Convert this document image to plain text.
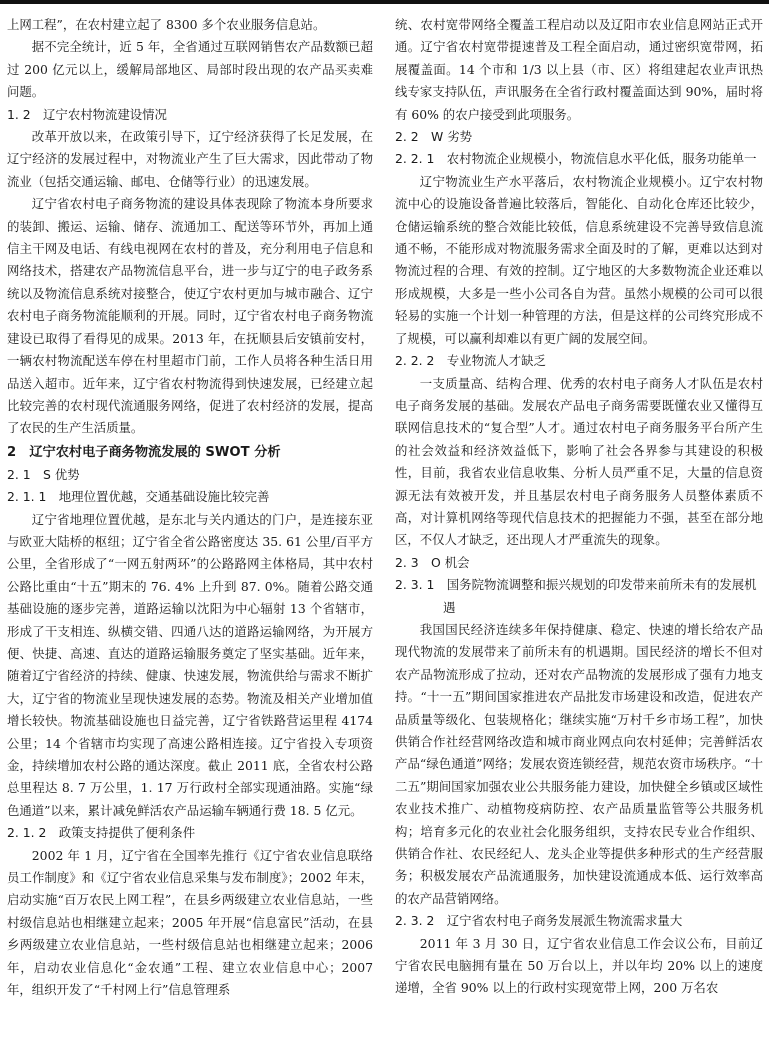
上网工程”，在农村建立起了 8300 多个农业服务信息站。

据不完全统计，近 5 年，全省通过互联网销售农产品数额已超过 200 亿元以上，缓解局部地区、局部时段出现的农产品买卖难问题。

1. 2　辽宁农村物流建设情况

改革开放以来，在政策引导下，辽宁经济获得了长足发展，在辽宁经济的发展过程中，对物流业产生了巨大需求，因此带动了物流业（包括交通运输、邮电、仓储等行业）的迅速发展。

辽宁省农村电子商务物流的建设具体表现除了物流本身所要求的装卸、搬运、运输、储存、流通加工、配送等环节外，再加上通信主干网及电话、有线电视网在农村的普及，充分利用电子信息和网络技术，搭建农产品物流信息平台，进一步与辽宁的电子政务系统以及物流信息系统对接整合，使辽宁农村更加与城市融合、辽宁农村电子商务物流能顺利的开展。同时，辽宁省农村电子商务物流建设已取得了看得见的成果。2013 年，在抚顺县后安镇前安村，一辆农村物流配送车停在村里超市门前，工作人员将各种生活日用品送入超市。近年来，辽宁省农村物流得到快速发展，已经建立起比较完善的农村现代流通服务网络，促进了农村经济的发展，提高了农民的生产生活质量。

2　辽宁农村电子商务物流发展的 SWOT 分析
2. 1　S 优势
2. 1. 1　地理位置优越，交通基础设施比较完善

辽宁省地理位置优越，是东北与关内通达的门户，是连接东亚与欧亚大陆桥的枢纽；辽宁省全省公路密度达 35. 61 公里/百平方公里，全省形成了“一网五射两环”的公路路网主体格局，其中农村公路比重由“十五”期末的 76. 4% 上升到 87. 0%。随着公路交通基础设施的逐步完善，道路运输以沈阳为中心辐射 13 个省辖市，形成了干支相连、纵横交错、四通八达的道路运输网络，为开展方便、快捷、高速、直达的道路运输服务奠定了坚实基础。近年来，随着辽宁省经济的持续、健康、快速发展，物流供给与需求不断扩大，辽宁省的物流业呈现快速发展的态势。物流及相关产业增加值增长较快。物流基础设施也日益完善，辽宁省铁路营运里程 4174 公里；14 个省辖市均实现了高速公路相连接。辽宁省投入专项资金，持续增加农村公路的通达深度。截止 2011 底，全省农村公路总里程达 8. 7 万公里，1. 17 万行政村全部实现通油路。实施“绿色通道”以来，累计减免鲜活农产品运输车辆通行费 18. 5 亿元。

2. 1. 2　政策支持提供了便利条件

2002 年 1 月，辽宁省在全国率先推行《辽宁省农业信息联络员工作制度》和《辽宁省农业信息采集与发布制度》；2002 年末，启动实施“百万农民上网工程”，在县乡两级建立农业信息站，一些村级信息站也相继建立起来；2005 年开展“信息富民”活动，在县乡两级建立农业信息站，一些村级信息站也相继建立起来；2006 年，启动农业信息化“金农通”工程、建立农业信息中心；2007 年，组织开发了“千村网上行”信息管理系

统、农村宽带网络全覆盖工程启动以及辽阳市农业信息网站正式开通。辽宁省农村宽带提速普及工程全面启动，通过密织宽带网，拓展覆盖面。14 个市和 1/3 以上县（市、区）将组建起农业声讯热线专家支持队伍，声讯服务在全省行政村覆盖面达到 90%，届时将有 60% 的农户接受到此项服务。

2. 2　W 劣势
2. 2. 1　农村物流企业规模小，物流信息水平化低，服务功能单一

辽宁物流业生产水平落后，农村物流企业规模小。辽宁农村物流中心的设施设备普遍比较落后，智能化、自动化仓库还比较少，仓储运输系统的整合效能比较低，信息系统建设不完善导致信息流通不畅，不能形成对物流服务需求全面及时的了解，更难以达到对物流过程的合理、有效的控制。辽宁地区的大多数物流企业还难以形成规模，大多是一些小公司各自为营。虽然小规模的公司可以很轻易的实施一个计划一种管理的方法，但是这样的公司终究形成不了规模，可以赢利却难以有更广阔的发展空间。

2. 2. 2　专业物流人才缺乏

一支质量高、结构合理、优秀的农村电子商务人才队伍是农村电子商务发展的基础。发展农产品电子商务需要既懂农业又懂得互联网信息技术的“复合型”人才。通过农村电子商务服务平台所产生的社会效益和经济效益低下，影响了社会各界参与其建设的积极性，目前，我省农业信息收集、分析人员严重不足，大量的信息资源无法有效被开发，并且基层农村电子商务服务人员整体素质不高，对计算机网络等现代信息技术的把握能力不强，甚至在部分地区，不仅人才缺乏，还出现人才严重流失的现象。

2. 3　O 机会
2. 3. 1　国务院物流调整和振兴规划的印发带来前所未有的发展机遇

我国国民经济连续多年保持健康、稳定、快速的增长给农产品现代物流的发展带来了前所未有的机遇期。国民经济的增长不但对农产品物流形成了拉动，还对农产品物流的发展形成了强有力地支持。“十一五”期间国家推进农产品批发市场建设和改造，促进农产品质量等级化、包装规格化；继续实施“万村千乡市场工程”，加快供销合作社经营网络改造和城市商业网点向农村延伸；完善鲜活农产品“绿色通道”网络；发展农资连锁经营，规范农资市场秩序。“十二五”期间国家加强农业公共服务能力建设，加快健全乡镇或区域性农业技术推广、动植物疫病防控、农产品质量监管等公共服务机构；培育多元化的农业社会化服务组织，支持农民专业合作组织、供销合作社、农民经纪人、龙头企业等提供多种形式的生产经营服务；积极发展农产品流通服务，加快建设流通成本低、运行效率高的农产品营销网络。

2. 3. 2　辽宁省农村电子商务发展派生物流需求量大

2011 年 3 月 30 日，辽宁省农业信息工作会议公布，目前辽宁省农民电脑拥有量在 50 万台以上，并以年均 20% 以上的速度递增，全省 90% 以上的行政村实现宽带上网，200 万名农
